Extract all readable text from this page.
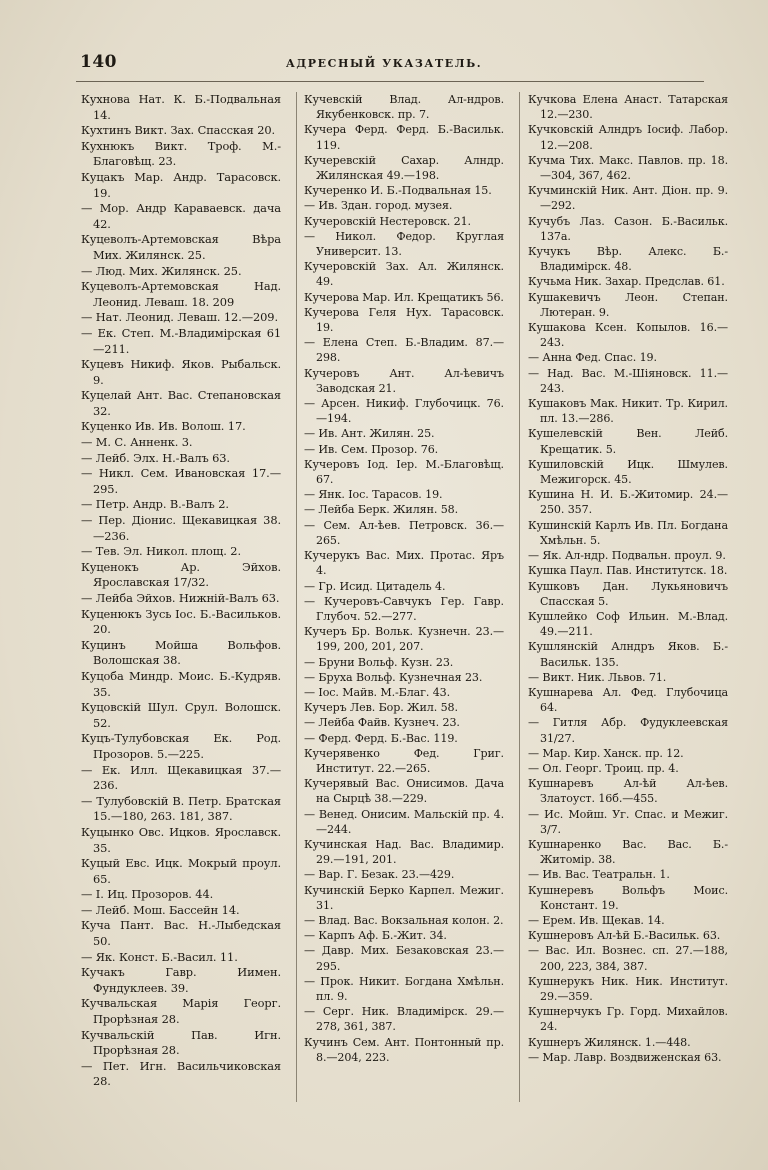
140	АДРЕСНЫЙ УКАЗАТЕЛЬ.

Кухнова Нат. К. Б.-Подвальная 14.

Кухтинъ Викт. Зах. Спасская 20.

Кухнюкъ Викт. Троф. М.-Благовѣщ. 23.

Куцакъ Мар. Андр. Тарасовск. 19.

— Мор. Андр Караваевск. дача 42.

Куцеволъ-Артемовская Вѣра Мих. Жилянск. 25.

— Люд. Мих. Жилянск. 25.

Куцеволъ-Артемовская Над. Леонид. Леваш. 18. 209

— Нат. Леонид. Леваш. 12.—209.

— Ек. Степ. М.-Владимірская 61—211.

Куцевъ Никиф. Яков. Рыбальск. 9.

Куцелай Ант. Вас. Степановская 32.

Куценко Ив. Ив. Волош. 17.

— М. С. Анненк. 3.

— Лейб. Элх. Н.-Валъ 63.

— Никл. Сем. Ивановская 17.—295.

— Петр. Андр. В.-Валъ 2.

— Пер. Діонис. Щекавицкая 38.—236.

— Тев. Эл. Никол. площ. 2.

Куценокъ Ар. Эйхов. Ярославская 17/32.

— Лейба Эйхов. Нижній-Валъ 63.

Куценюкъ Зусь Іос. Б.-Васильков. 20.

Куцинъ Мойша Вольфов. Волошская 38.

Куцоба Миндр. Моис. Б.-Кудряв. 35.

Куцовскій Шул. Срул. Волошск. 52.

Куцъ-Тулубовская Ек. Род. Прозоров. 5.—225.

— Ек. Илл. Щекавицкая 37.—236.

— Тулубовскій В. Петр. Братская 15.—180, 263. 181, 387.

Куцынко Овс. Ицков. Ярославск. 35.

Куцый Евс. Ицк. Мокрый проул. 65.

— I. Иц. Прозоров. 44.

— Лейб. Мош. Бассейн 14.

Куча Пант. Вас. Н.-Лыбедская 50.

— Як. Конст. Б.-Васил. 11.

Кучакъ Гавр. Иимен. Фундуклеев. 39.

Кучвальская Марія Георг. Прорѣзная 28.

Кучвальскій Пав. Игн. Прорѣзная 28.

— Пет. Игн. Васильчиковская 28.

Кучевскій Влад. Ал-ндров. Якубенковск. пр. 7.

Кучера Ферд. Ферд. Б.-Васильк. 119.

Кучеревскій Сахар. Алндр. Жилянская 49.—198.

Кучеренко И. Б.-Подвальная 15.

— Ив. Здан. город. музея.

Кучеровскій Нестеровск. 21.

— Никол. Федор. Круглая Университ. 13.

Кучеровскій Зах. Ал. Жилянск. 49.

Кучерова Мар. Ил. Крещатикъ 56.

Кучерова Геля Нух. Тарасовск. 19.

— Елена Степ. Б.-Владим. 87.—298.

Кучеровъ Ант. Ал-ѣевичъ Заводская 21.

— Арсен. Никиф. Глубочицк. 76.—194.

— Ив. Ант. Жилян. 25.

— Ив. Сем. Прозор. 76.

Кучеровъ Іод. Іер. М.-Благовѣщ. 67.

— Янк. Іос. Тарасов. 19.

— Лейба Берк. Жилян. 58.

— Сем. Ал-ѣев. Петровск. 36.—265.

Кучерукъ Вас. Мих. Протас. Яръ 4.

— Гр. Исид. Цитадель 4.

— Кучеровъ-Савчукъ Гер. Гавр. Глубоч. 52.—277.

Кучеръ Бр. Вольк. Кузнечн. 23.—199, 200, 201, 207.

— Бруни Вольф. Кузн. 23.

— Бруха Вольф. Кузнечная 23.

— Іос. Майв. М.-Благ. 43.

Кучеръ Лев. Бор. Жил. 58.

— Лейба Файв. Кузнеч. 23.

— Ферд. Ферд. Б.-Вас. 119.

Кучерявенко Фед. Григ. Институт. 22.—265.

Кучерявый Вас. Онисимов. Дача на Сырцѣ 38.—229.

— Венед. Онисим. Мальскій пр. 4.—244.

Кучинская Над. Вас. Владимир. 29.—191, 201.

— Вар. Г. Безак. 23.—429.

Кучинскій Берко Карпел. Межиг. 31.

— Влад. Вас. Вокзальная колон. 2.

— Карпъ Аф. Б.-Жит. 34.

— Давр. Мих. Безаковская 23.—295.

— Прок. Никит. Богдана Хмѣльн. пл. 9.

— Серг. Ник. Владимірск. 29.—278, 361, 387.

Кучинъ Сем. Ант. Понтонный пр. 8.—204, 223.

Кучкова Елена Анаст. Татарская 12.—230.

Кучковскій Алндръ Іосиф. Лабор. 12.—208.

Кучма Тих. Макс. Павлов. пр. 18.—304, 367, 462.

Кучминскій Ник. Ант. Діон. пр. 9.—292.

Кучубъ Лаз. Сазон. Б.-Васильк. 137а.

Кучукъ Вѣр. Алекс. Б.-Владимірск. 48.

Кучьма Ник. Захар. Предслав. 61.

Кушакевичъ Леон. Степан. Лютеран. 9.

Кушакова Ксен. Копылов. 16.—243.

— Анна Фед. Спас. 19.

— Над. Вас. М.-Шіяновск. 11.—243.

Кушаковъ Мак. Никит. Тр. Кирил. пл. 13.—286.

Кушелевскій Вен. Лейб. Крещатик. 5.

Кушиловскій Ицк. Шмулев. Межигорск. 45.

Кушина Н. И. Б.-Житомир. 24.—250. 357.

Кушинскій Карлъ Ив. Пл. Богдана Хмѣльн. 5.

— Як. Ал-ндр. Подвальн. проул. 9.

Кушка Паул. Пав. Институтск. 18.

Кушковъ Дан. Лукьяновичъ Спасская 5.

Кушлейко Соф Ильин. М.-Влад. 49.—211.

Кушлянскій Алндръ Яков. Б.-Васильк. 135.

— Викт. Ник. Львов. 71.

Кушнарева Ал. Фед. Глубочица 64.

— Гитля Абр. Фудуклеевская 31/27.

— Мар. Кир. Ханск. пр. 12.

— Ол. Георг. Троиц. пр. 4.

Кушнаревъ Ал-ѣй Ал-ѣев. Златоуст. 16б.—455.

— Ис. Мойш. Уг. Спас. и Межиг. 3/7.

Кушнаренко Вас. Вас. Б.-Житомір. 38.

— Ив. Вас. Театральн. 1.

Кушнеревъ Вольфъ Моис. Констант. 19.

— Ерем. Ив. Щекав. 14.

Кушнеровъ Ал-ѣй Б.-Васильк. 63.

— Вас. Ил. Вознес. сп. 27.—188, 200, 223, 384, 387.

Кушнерукъ Ник. Ник. Институт. 29.—359.

Кушнерчукъ Гр. Горд. Михайлов. 24.

Кушнеръ Жилянск. 1.—448.

— Мар. Лавр. Воздвиженская 63.
